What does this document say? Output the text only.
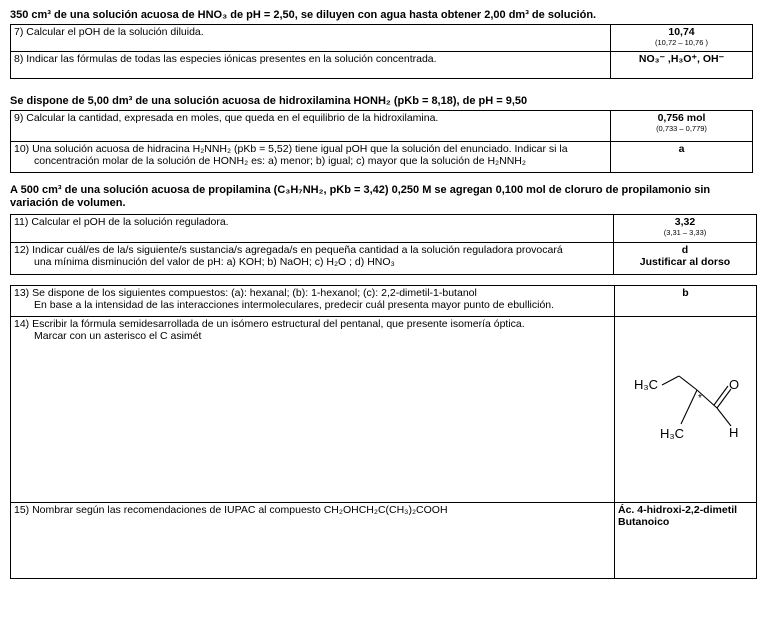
350 cm³ de una solución acuosa de HNO₃ de pH = 2,50, se diluyen con agua hasta obtener 2,00 dm³ de solución.
7) Calcular el pOH de la solución diluida.	10,74
(10,72 – 10,76 )

8) Indicar las fórmulas de todas las especies iónicas presentes en la solución concentrada.	NO₃⁻ ,H₃O⁺, OH⁻
Se dispone de 5,00 dm³ de una solución acuosa de hidroxilamina HONH₂ (pKb = 8,18), de pH = 9,50
9) Calcular la cantidad, expresada en moles, que queda en el equilibrio de la hidroxilamina.	0,756 mol
(0,733 – 0,779)

10) Una solución acuosa de hidracina H₂NNH₂ (pKb = 5,52) tiene igual pOH que la solución del enunciado. Indicar si la
concentración molar de la solución de HONH₂ es: a) menor; b) igual; c) mayor que la solución de H₂NNH₂	a
A 500 cm³ de una solución acuosa de propilamina (C₃H₇NH₂, pKb = 3,42) 0,250 M se agregan 0,100 mol de cloruro de propilamonio sin
variación de volumen.
11) Calcular el pOH de la solución reguladora.	3,32
(3,31 – 3,33)

12) Indicar cuál/es de la/s siguiente/s sustancia/s agregada/s en pequeña cantidad a la solución reguladora provocará
una mínima disminución del valor de pH: a) KOH; b) NaOH; c) H₂O ; d) HNO₃	d
Justificar al dorso
13) Se dispone de los siguientes compuestos: (a): hexanal; (b): 1-hexanol; (c): 2,2-dimetil-1-butanol
En base a la intensidad de las interacciones intermoleculares, predecir cuál presenta mayor punto de ebullición.	b

14) Escribir la fórmula semidesarrollada de un isómero estructural del pentanal, que presente isomería óptica.
Marcar con un asterisco el C asimét	H₃C
H₃C
O
H
*

15) Nombrar según las recomendaciones de IUPAC al compuesto CH₂OHCH₂C(CH₃)₂COOH	Ác. 4-hidroxi-2,2-dimetil
Butanoico
